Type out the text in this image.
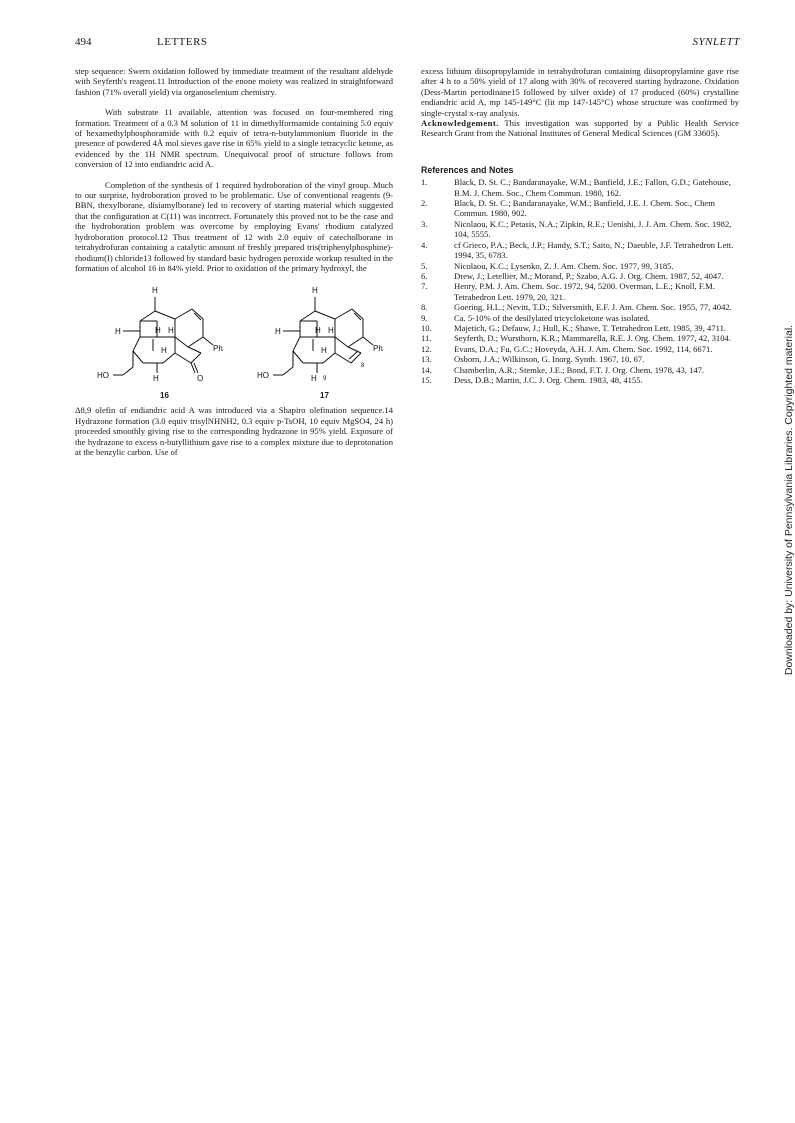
494	LETTERS	SYNLETT

step sequence: Swern oxidation followed by immediate treatment of the resultant aldehyde with Seyferth's reagent.11 Introduction of the enone moiety was realized in straightforward fashion (71% overall yield) via organoselenium chemistry.

With substrate 11 available, attention was focused on four-membered ring formation. Treatment of a 0.3 M solution of 11 in dimethylformamide containing 5.0 equiv of hexamethylphosphoramide with 0.2 equiv of tetra-n-butylammonium fluoride in the presence of powdered 4Å mol sieves gave rise in 65% yield to a single tetracyclic ketone, as evidenced by the 1H NMR spectrum. Unequivocal proof of structure follows from conversion of 12 into endiandric acid A.

Completion of the synthesis of 1 required hydroboration of the vinyl group. Much to our surprise, hydroboration proved to be problematic. Use of conventional reagents (9-BBN, thexylborane, disiamylborane) led to recovery of starting material which suggested that the configuration at C(11) was incorrect. Fortunately this proved not to be the case and the hydroboration problem was overcome by employing Evans' rhodium catalyzed hydroboration protocol.12 Thus treatment of 12 with 2.0 equiv of catecholborane in tetrahydrofuran containing a catalytic amount of freshly prepared tris(triphenylphosphine)-rhodium(I) chloride13 followed by standard basic hydrogen peroxide workup resulted in the formation of alcohol 16 in 84% yield. Prior to oxidation of the primary hydroxyl, the

H
H	H H
H
H
Ph
HO	O
H
H	H H
H
H
Ph
HO	9
8
16	17

Δ8,9 olefin of endiandric acid A was introduced via a Shapiro olefination sequence.14 Hydrazone formation (3.0 equiv trisylNHNH2, 0.3 equiv p-TsOH, 10 equiv MgSO4, 24 h) proceeded smoothly giving rise to the corresponding hydrazone in 95% yield. Exposure of the hydrazone to excess n-butyllithium gave rise to a complex mixture due to deprotonation at the benzylic carbon. Use of

excess lithium diisopropylamide in tetrahydrofuran containing diisopropylamine gave rise after 4 h to a 50% yield of 17 along with 30% of recovered starting hydrazone. Oxidation (Dess-Martin periodinane15 followed by silver oxide) of 17 produced (60%) crystalline endiandric acid A, mp 145-149°C (lit mp 147-145°C) whose structure was confirmed by single-crystal x-ray analysis.

Acknowledgement. This investigation was supported by a Public Health Service Research Grant from the National Institutes of General Medical Sciences (GM 33605).

References and Notes
1.	Black, D. St. C.; Bandaranayake, W.M.; Banfield, J.E.; Fallon, G.D.; Gatehouse, B.M. J. Chem. Soc., Chem Commun. 1980, 162.
2.	Black, D. St. C.; Bandaranayake, W.M.; Banfield, J.E. J. Chem. Soc., Chem Commun. 1980, 902.
3.	Nicolaou, K.C.; Petasis, N.A.; Zipkin, R.E.; Uenishi, J. J. Am. Chem. Soc. 1982, 104, 5555.
4.	cf Grieco, P.A.; Beck, J.P.; Handy, S.T.; Saito, N.; Daeuble, J.F. Tetrahedron Lett. 1994, 35, 6783.
5.	Nicolaou, K.C.; Lysenko, Z. J. Am. Chem. Soc. 1977, 99, 3185.
6.	Drew, J.; Letellier, M.; Morand, P.; Szabo, A.G. J. Org. Chem. 1987, 52, 4047.
7.	Henry, P.M. J. Am. Chem. Soc. 1972, 94, 5200. Overman, L.E.; Knoll, F.M. Tetrahedron Lett. 1979, 20, 321.
8.	Goering, H.L.; Nevitt, T.D.; Silversmith, E.F. J. Am. Chem. Soc. 1955, 77, 4042.
9.	Ca. 5-10% of the desilylated tricycloketone was isolated.
10.	Majetich, G.; Defauw, J.; Hull, K.; Shawe, T. Tetrahedron Lett. 1985, 39, 4711.
11.	Seyferth, D.; Wursthorn, K.R.; Mammarella, R.E. J. Org. Chem. 1977, 42, 3104.
12.	Evans, D.A.; Fu, G.C.; Hoveyda, A.H. J. Am. Chem. Soc. 1992, 114, 6671.
13.	Osborn, J.A.; Wilkinson, G. Inorg. Synth. 1967, 10, 67.
14.	Chamberlin, A.R.; Stemke, J.E.; Bond, F.T. J. Org. Chem. 1978, 43, 147.
15.	Dess, D.B.; Martin, J.C. J. Org. Chem. 1983, 48, 4155.	Downloaded by: University of Pennsylvania Libraries. Copyrighted material.
